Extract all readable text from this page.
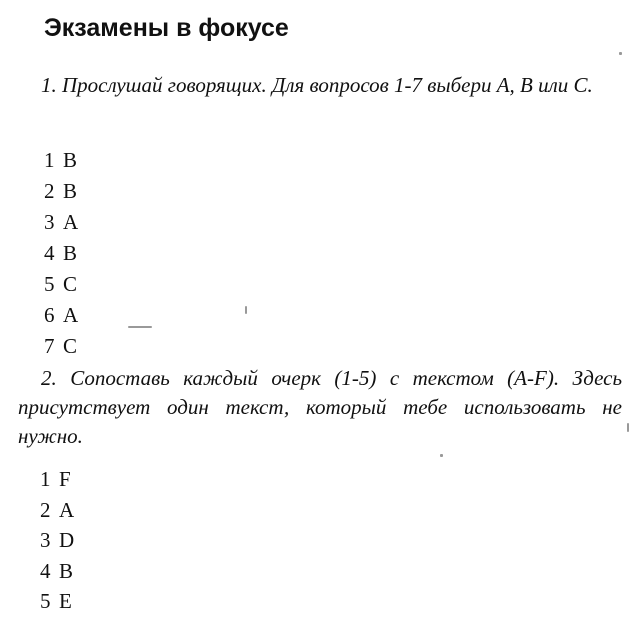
Экзамены в фокусе

1. Прослушай говорящих. Для вопросов 1-7 выбери А, В или С.

1 В
2 В
3 А
4 В
5 С
6 А
7 С

2. Сопоставь каждый очерк (1-5) с текстом (A-F). Здесь присутствует один текст, который тебе использовать не нужно.

1 F
2 A
3 D
4 B
5 E
